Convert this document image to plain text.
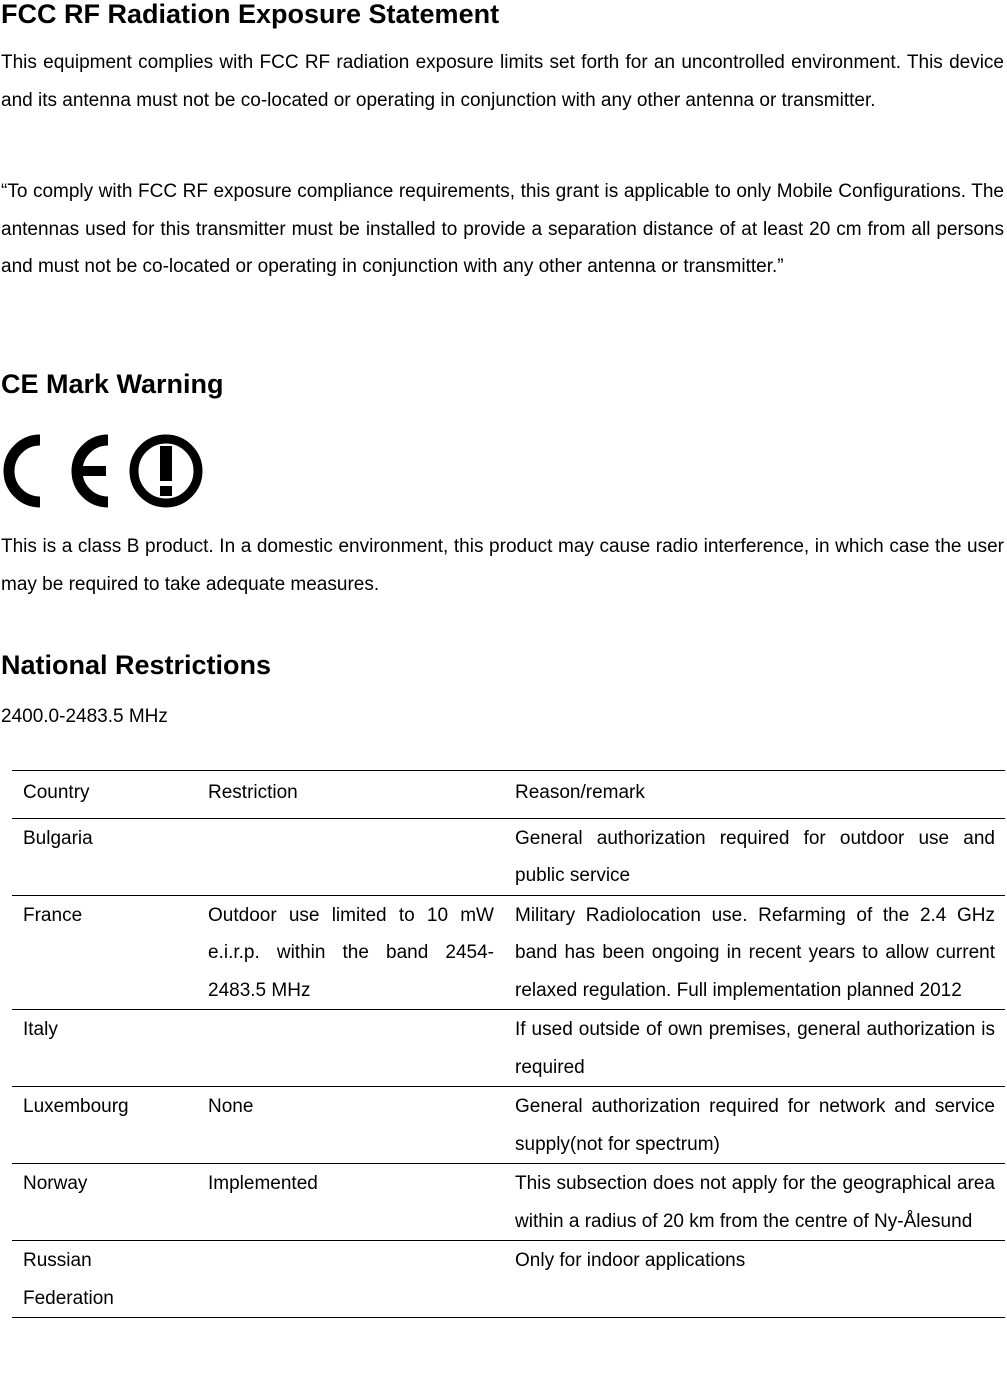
FCC RF Radiation Exposure Statement

This equipment complies with FCC RF radiation exposure limits set forth for an uncontrolled environment. This device and its antenna must not be co-located or operating in conjunction with any other antenna or transmitter.

“To comply with FCC RF exposure compliance requirements, this grant is applicable to only Mobile Configurations. The antennas used for this transmitter must be installed to provide a separation distance of at least 20 cm from all persons and must not be co-located or operating in conjunction with any other antenna or transmitter.”

CE Mark Warning

This is a class B product. In a domestic environment, this product may cause radio interference, in which case the user may be required to take adequate measures.

National Restrictions

2400.0-2483.5 MHz

Country	Restriction	Reason/remark
Bulgaria		General authorization required for outdoor use and public service
France	Outdoor use limited to 10 mW e.i.r.p. within the band 2454-2483.5 MHz	Military Radiolocation use. Refarming of the 2.4 GHz band has been ongoing in recent years to allow current relaxed regulation. Full implementation planned 2012
Italy		If used outside of own premises, general authorization is required
Luxembourg	None	General authorization required for network and service supply(not for spectrum)
Norway	Implemented	This subsection does not apply for the geographical area within a radius of 20 km from the centre of Ny-Ålesund
Russian Federation		Only for indoor applications
